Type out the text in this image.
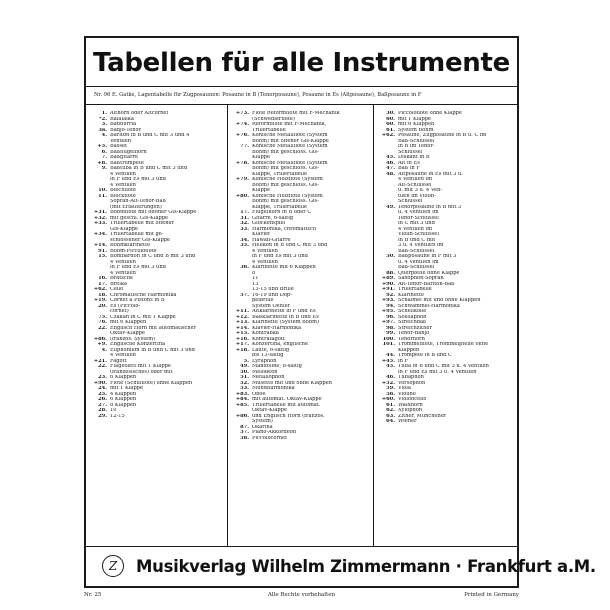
Tabellen für alle Instrumente
Nr. 96 E. Gatke, Lagentabelle für Zugposaunen: Posaune in B (Tenorposaune), Posaune in Es (Altposaune), Baßposaune in F
1. Althorn oder Altcornet
*2. Balalaika
3. Bandurria
3a. Banjo-Tenor
4. Bariton in B und C mit 3 und 4
Ventilen
+5. Basset
6. Baßflügelhorn
7. Baßgitarre
+8. Baßtrompete
9. Baßtuba in B und C mit 3 und
4 Ventilen
in F und Es mit 3 und
4 Ventilen
10. Blechflöte
11. Blockflöte
Sopran-Alt-Tenor-Baß
(mit Erläuterungen)
+31. Böhmflöte mit offener Gis-Klappe
+32. mit geschl. Gis-Klappe
+33. Trillertabelle mit offener
Gis-Klappe
+34. Trillertabelle mit ge-
schlossener Gis-Klappe
+14. Böhmklarinette
91. Böhm-Piccoloflöte
15. Bombardon in C und B mit 3 und
4 Ventilen
in F und Es mit 3 und
4 Ventilen
16. Bratsche
17. Brelka
+62. Cello
18. Chromatische Harmonika
+19. Cornet à Pistons in B
20. Es (Piccolo-
cornet)
75. Czakan in C mit 1 Klappe
76. mit 6 Klappen
22. Englisch Horn mit automatischer
Oktav-Klappe
+86. (franzos. System)
+9. Englische Konzertina
4. Euphonium in B und C mit 3 und
4 Ventilen
+21. Fagott
22. Flageolett mit 1 Klappe
(französisches) oder mit
23. 6 Klappen
+90. Flöte (Schulflöte) ohne Klappen
24. mit 1 Klappe
25. 4 Klappen
26. 6 Klappen
27. 8 Klappen
28. 10
29. 12-15
+73. Flöte Reformflöte mit F-Mechanik
(Schwedlerflöte)
+74. Reformflöte mit F-Mechanik,
Trillertabelle
+76. Konische Metallflöte (System
Böhm) mit offener Gis-Klappe
77. Konische Metallflöte (System
Böhm) mit geschloss. Gis-
Klappe
+78. Konische Metallflöte (System
Böhm) mit geschloss. Gis-
Klappe, Trillertabelle
+79. Konische Holzflöte (System
Böhm) mit geschloss. Gis-
Klappe
+80. Konische Holzflöte (System
Böhm) mit geschloss. Gis-
Klappe, Trillertabelle
17. Flügelhorn in B oder C
31. Gitarre, 6-saitig
32. Glockenspiel
33. Harmonika, chromatisch
Klavier
34. Hawaii-Gitarre
35. Helikon in B und C mit 3 und
4 Ventilen
in F und Es mit 3 und
4 Ventilen
36. Klarinette mit 6 Klappen
8
11
13
13-15 und Brille
57. 16-19 und Dop-
pelbrille
System Oehler
+11. Altklarinette in F und Es
+12. Baßklarinette in B und Es
+13. Klarinette (System Böhm)
+14. Klavier-Harmonika
+15. Kontrabaß
+16. Kontrafagott
+17. Konzertina, englische
+18. Laute, 6-saitig
bis 13-saitig
5. Lyraphon
49. Mandoline, 8-saitig
50. Melodeon
51. Metallophon
52. Musette mit und ohne Klappen
53. Mundharmonika
+83. Oboe
+84. mit automat. Oktav-Klappe
+85. Trillertabelle mit automat.
Oktav-Klappe
+86. und Englisch Horn (franzos.
System)
87. Okarina
57. Piano-Akkordeon
58. Piccolocornet
30. Piccoloflöte ohne Klappe
60. mit 1 Klappe
60. mit 6 Klappen
61. System Böhm
+62. Posaune, Zugposaune in B u. C im
Baß-Schlüssel
in B im Tenor-
Schlüssel
45. Diskant in B
46. Alt in Es
47. Baß in F
48. Altposaune in Es mit 3 u.
4 Ventilen im
Alt-Schlüssel
u. mit 3 u. 4 Ven-
tilen im Violin-
Schlüssel
49. Tenorposaune in B mit 3
u. 4 Ventilen im
Tenor-Schlüssel
in C mit 3 und
4 Ventilen im
Violin-Schlüssel
in B und C mit
3 u. 4 Ventilen im
Baß-Schlüssel
50. Baßposaune in F mit 3
u. 4 Ventilen im
Baß-Schlüssel
88. Querpfeife ohne Klappe
+89. Saxophon-Sopran
+90. Alt-Tenor-Bariton-Baß
+91. Trillertabelle
92. Klarinette
+93. Schalmei mit und ohne Klappen
94. Schwammel-Harmonika
+95. Schellkolle
96. Sousaphon
+97. Streichbaß
98. Streichzither
99. Tenor-Banjo
100. Tenorhorn
101. Trommelflöte, Trommelpfeife ohne
Klappen
44. Trompete in B und C
+45. in F
45. Tuba in B und C mit 3 u. 4 Ventilen
in F und Es mit 3 u. 4 Ventilen
46. Tubaphon
+52. Vorsophon
59. Viola
58. Violine
+60. Violoncello
61. Waldhorn
62. Xylophon
63. Zither, Münchener
64. Wiener
Z	Musikverlag Wilhelm Zimmermann · Frankfurt a.M.
Nr. 25	Alle Rechte vorbehalten	Printed in Germany
